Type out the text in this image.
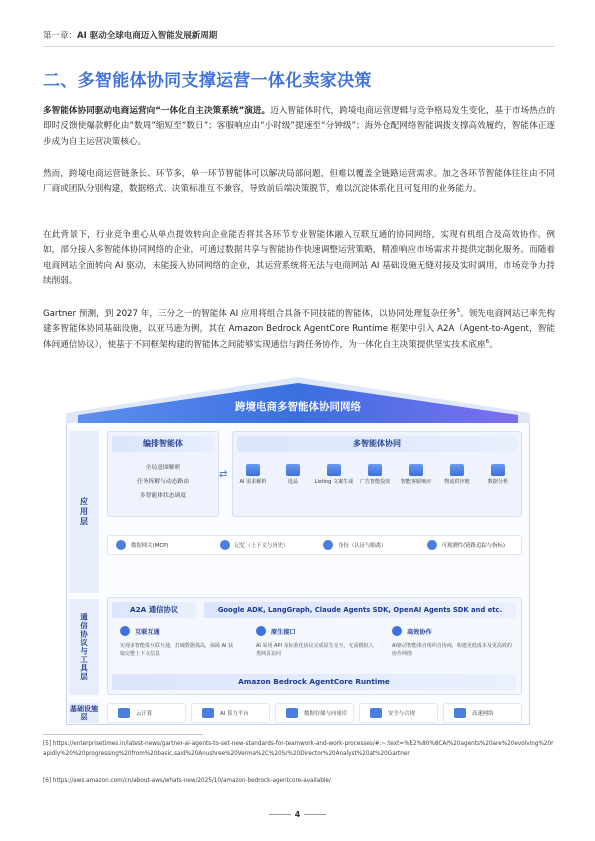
第一章：AI 驱动全球电商迈入智能发展新周期
二、多智能体协同支撑运营一体化卖家决策

多智能体协同驱动电商运营向“一体化自主决策系统”演进。迈入智能体时代，跨境电商运营逻辑与竞争格局发生变化，基于市场热点的即时反馈使爆款孵化由“数周”缩短至“数日”；客服响应由“小时级”提速至“分钟级”；海外仓配网络智能调拨支撑高效履约，智能体正逐步成为自主运营决策核心。

然而，跨境电商运营链条长、环节多，单一环节智能体可以解决局部问题，但难以覆盖全链路运营需求。加之各环节智能体往往由不同厂商或团队分别构建，数据格式、决策标准互不兼容，导致前后端决策脱节，难以沉淀体系化且可复用的业务能力。

在此背景下，行业竞争重心从单点提效转向企业能否将其各环节专业智能体融入互联互通的协同网络，实现有机组合及高效协作。例如，部分接入多智能体协同网络的企业，可通过数据共享与智能协作快速调整运营策略，精准响应市场需求并提供定制化服务。而随着电商网站全面转向 AI 驱动，未能接入协同网络的企业，其运营系统将无法与电商网站 AI 基础设施无缝对接及实时调用，市场竞争力持续削弱。

Gartner 预测，到 2027 年，三分之一的智能体 AI 应用将组合具备不同技能的智能体，以协同处理复杂任务$^5$。领先电商网站已率先构建多智能体协同基础设施，以亚马逊为例，其在 Amazon Bedrock AgentCore Runtime 框架中引入 A2A（Agent-to-Agent，智能体间通信协议），使基于不同框架构建的智能体之间能够实现通信与跨任务协作，为一体化自主决策提供坚实技术底座$^6$。

跨境电商多智能体协同网络
应用层
编排智能体
全局意图解析
任务拆解与动态路由
多智能体状态调度
⇄
多智能体协同
AI 需求解析	选品	Listing 文案生成	广告智能投放	智能客服响应	物流供应链	数据分析
数据网关(MCP)	记忆（上下文与历史）	身份（认证与隔离）	可观测性(链路追踪与指标)
通信协议与工具层
A2A 通信协议	Google ADK, LangGraph, Claude Agents SDK, OpenAI Agents SDK and etc.
互联互通
实现多智能体互联互通，打破数据孤岛，保障 AI 获取完整上下文信息
原生接口
AI 采用 API 及标准化协议完成原生交互，无需模拟人类网页访问
高效协作
AI驱动智能体自组织自协商，构建更低成本及更高效的协作网络
Amazon Bedrock AgentCore Runtime
基础设施层	云计算	AI 算力平台	数据存储与向量库	安全与合规	高速网络
[5] https://enterprisetimes.in/latest-news/gartner-ai-agents-to-set-new-standards-for-teamwork-and-work-processes/#:~:text=%E2%80%8CAI%20agents%20are%20evolving%20rapidly%20%20progressing%20from%20basic,said%20Anushree%20Verma%2C%20Sr%20Director%20Analyst%20at%20Gartner
[6] https://aws.amazon.com/cn/about-aws/whats-new/2025/10/amazon-bedrock-agentcore-available/
4
